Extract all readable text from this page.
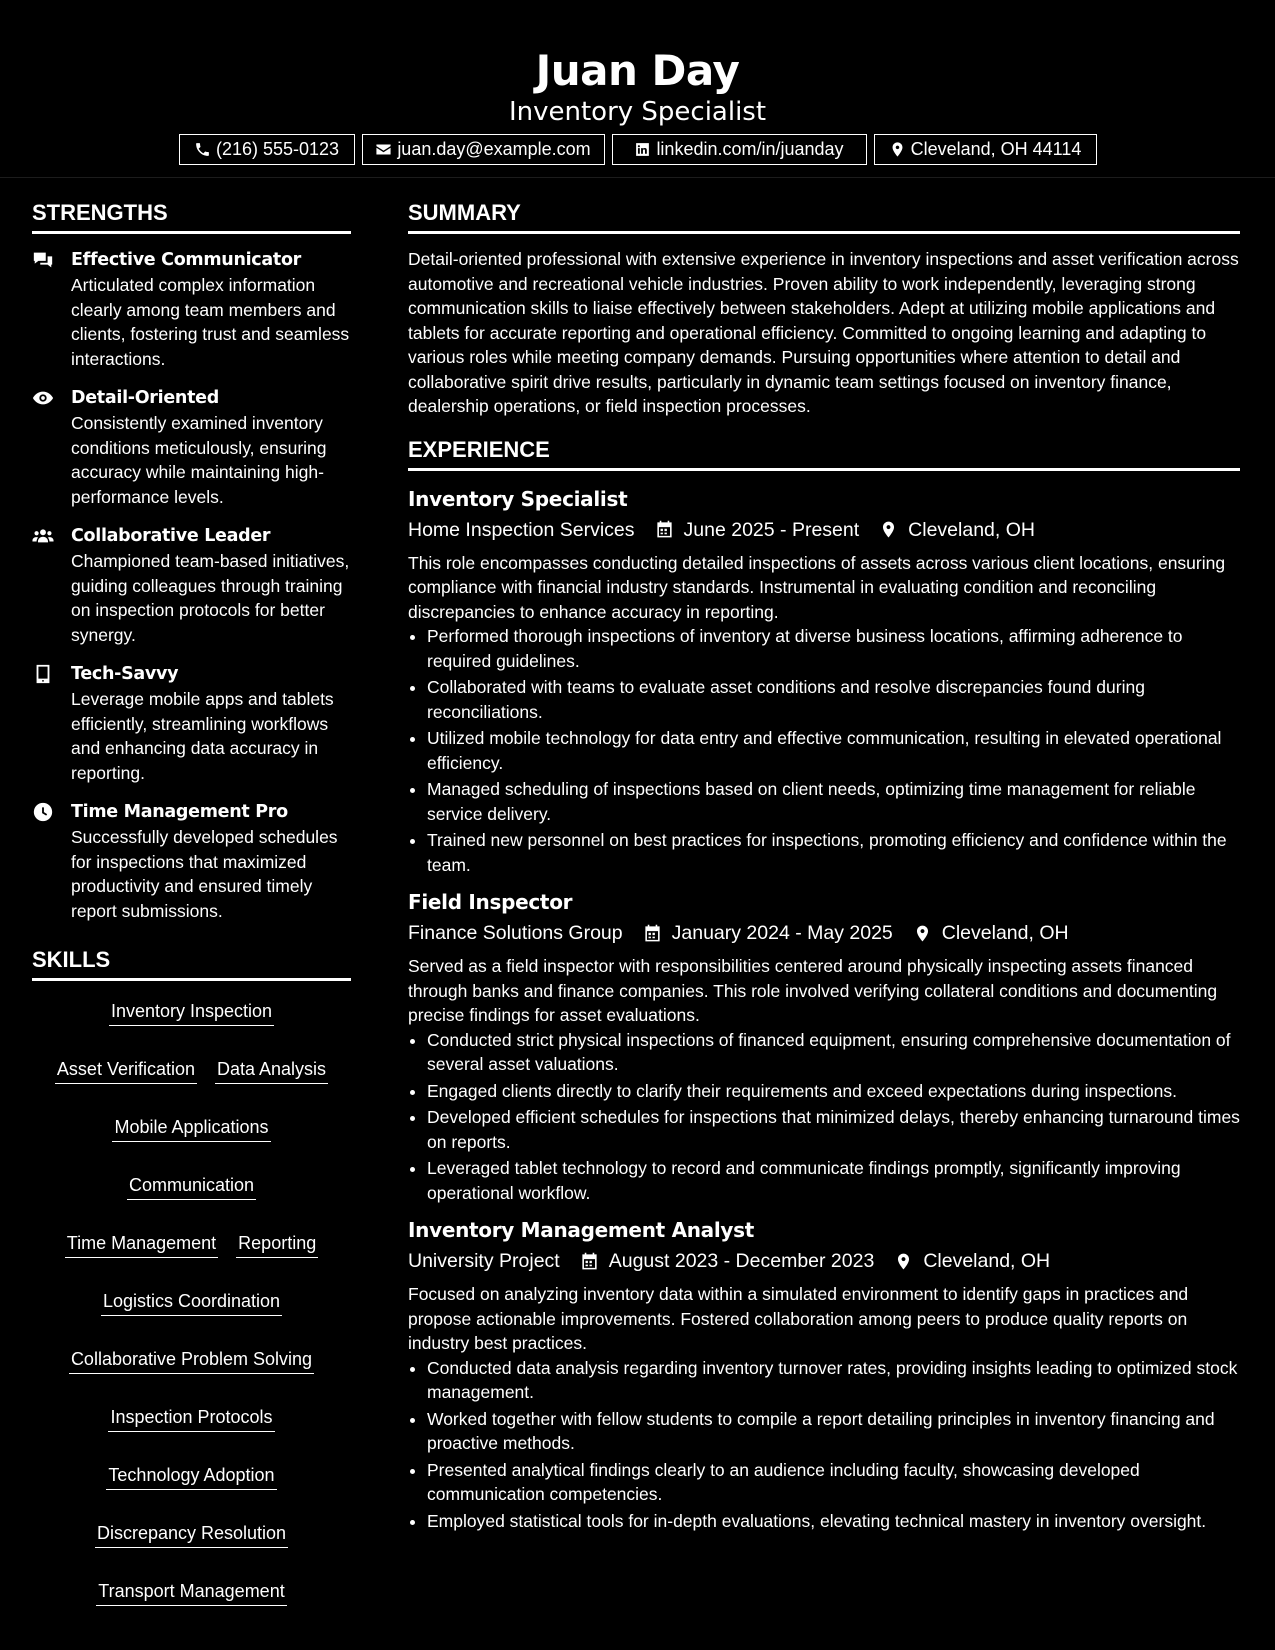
Juan Day
Inventory Specialist
(216) 555-0123	juan.day@example.com	linkedin.com/in/juanday	Cleveland, OH 44114
STRENGTHS
Effective Communicator
Articulated complex information clearly among team members and clients, fostering trust and seamless interactions.
Detail-Oriented
Consistently examined inventory conditions meticulously, ensuring accuracy while maintaining high-performance levels.
Collaborative Leader
Championed team-based initiatives, guiding colleagues through training on inspection protocols for better synergy.
Tech-Savvy
Leverage mobile apps and tablets efficiently, streamlining workflows and enhancing data accuracy in reporting.
Time Management Pro
Successfully developed schedules for inspections that maximized productivity and ensured timely report submissions.
SKILLS
Inventory Inspection
Asset Verification Data Analysis
Mobile Applications
Communication
Time Management Reporting
Logistics Coordination
Collaborative Problem Solving
Inspection Protocols
Technology Adoption
Discrepancy Resolution
Transport Management
SUMMARY

Detail-oriented professional with extensive experience in inventory inspections and asset verification across automotive and recreational vehicle industries. Proven ability to work independently, leveraging strong communication skills to liaise effectively between stakeholders. Adept at utilizing mobile applications and tablets for accurate reporting and operational efficiency. Committed to ongoing learning and adapting to various roles while meeting company demands. Pursuing opportunities where attention to detail and collaborative spirit drive results, particularly in dynamic team settings focused on inventory finance, dealership operations, or field inspection processes.

EXPERIENCE
Inventory Specialist
Home Inspection Services	June 2025 - Present	Cleveland, OH

This role encompasses conducting detailed inspections of assets across various client locations, ensuring compliance with financial industry standards. Instrumental in evaluating condition and reconciling discrepancies to enhance accuracy in reporting.

• Performed thorough inspections of inventory at diverse business locations, affirming adherence to required guidelines.
• Collaborated with teams to evaluate asset conditions and resolve discrepancies found during reconciliations.
• Utilized mobile technology for data entry and effective communication, resulting in elevated operational efficiency.
• Managed scheduling of inspections based on client needs, optimizing time management for reliable service delivery.
• Trained new personnel on best practices for inspections, promoting efficiency and confidence within the team.
Field Inspector
Finance Solutions Group	January 2024 - May 2025	Cleveland, OH

Served as a field inspector with responsibilities centered around physically inspecting assets financed through banks and finance companies. This role involved verifying collateral conditions and documenting precise findings for asset evaluations.

• Conducted strict physical inspections of financed equipment, ensuring comprehensive documentation of several asset valuations.
• Engaged clients directly to clarify their requirements and exceed expectations during inspections.
• Developed efficient schedules for inspections that minimized delays, thereby enhancing turnaround times on reports.
• Leveraged tablet technology to record and communicate findings promptly, significantly improving operational workflow.
Inventory Management Analyst
University Project	August 2023 - December 2023	Cleveland, OH

Focused on analyzing inventory data within a simulated environment to identify gaps in practices and propose actionable improvements. Fostered collaboration among peers to produce quality reports on industry best practices.

• Conducted data analysis regarding inventory turnover rates, providing insights leading to optimized stock management.
• Worked together with fellow students to compile a report detailing principles in inventory financing and proactive methods.
• Presented analytical findings clearly to an audience including faculty, showcasing developed communication competencies.
• Employed statistical tools for in-depth evaluations, elevating technical mastery in inventory oversight.
